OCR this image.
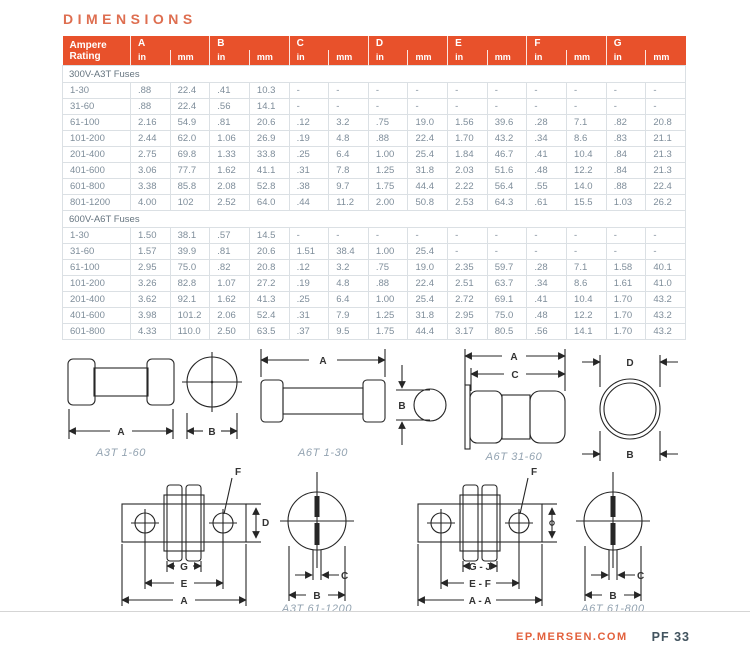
DIMENSIONS
Ampere Rating	A		B		C		D		E		F		G	
	in	mm	in	mm	in	mm	in	mm	in	mm	in	mm	in	mm
300V-A3T Fuses														
1-30	.88	22.4	.41	10.3	-	-	-	-	-	-	-	-	-	-
31-60	.88	22.4	.56	14.1	-	-	-	-	-	-	-	-	-	-
61-100	2.16	54.9	.81	20.6	.12	3.2	.75	19.0	1.56	39.6	.28	7.1	.82	20.8
101-200	2.44	62.0	1.06	26.9	.19	4.8	.88	22.4	1.70	43.2	.34	8.6	.83	21.1
201-400	2.75	69.8	1.33	33.8	.25	6.4	1.00	25.4	1.84	46.7	.41	10.4	.84	21.3
401-600	3.06	77.7	1.62	41.1	.31	7.8	1.25	31.8	2.03	51.6	.48	12.2	.84	21.3
601-800	3.38	85.8	2.08	52.8	.38	9.7	1.75	44.4	2.22	56.4	.55	14.0	.88	22.4
801-1200	4.00	102	2.52	64.0	.44	11.2	2.00	50.8	2.53	64.3	.61	15.5	1.03	26.2
600V-A6T Fuses														
1-30	1.50	38.1	.57	14.5	-	-	-	-	-	-	-	-	-	-
31-60	1.57	39.9	.81	20.6	1.51	38.4	1.00	25.4	-	-	-	-	-	-
61-100	2.95	75.0	.82	20.8	.12	3.2	.75	19.0	2.35	59.7	.28	7.1	1.58	40.1
101-200	3.26	82.8	1.07	27.2	.19	4.8	.88	22.4	2.51	63.7	.34	8.6	1.61	41.0
201-400	3.62	92.1	1.62	41.3	.25	6.4	1.00	25.4	2.72	69.1	.41	10.4	1.70	43.2
401-600	3.98	101.2	2.06	52.4	.31	7.9	1.25	31.8	2.95	75.0	.48	12.2	1.70	43.2
601-800	4.33	110.0	2.50	63.5	.37	9.5	1.75	44.4	3.17	80.5	.56	14.1	1.70	43.2
A	B
A3T 1-60
A
B
A6T 1-30
A
C
D
B
A6T 31-60
F
D
G
E
A
C
B
A3T 61-1200
F
G - J
E - F
A - A
C
B
A6T 61-800
EP.MERSEN.COM PF 33
